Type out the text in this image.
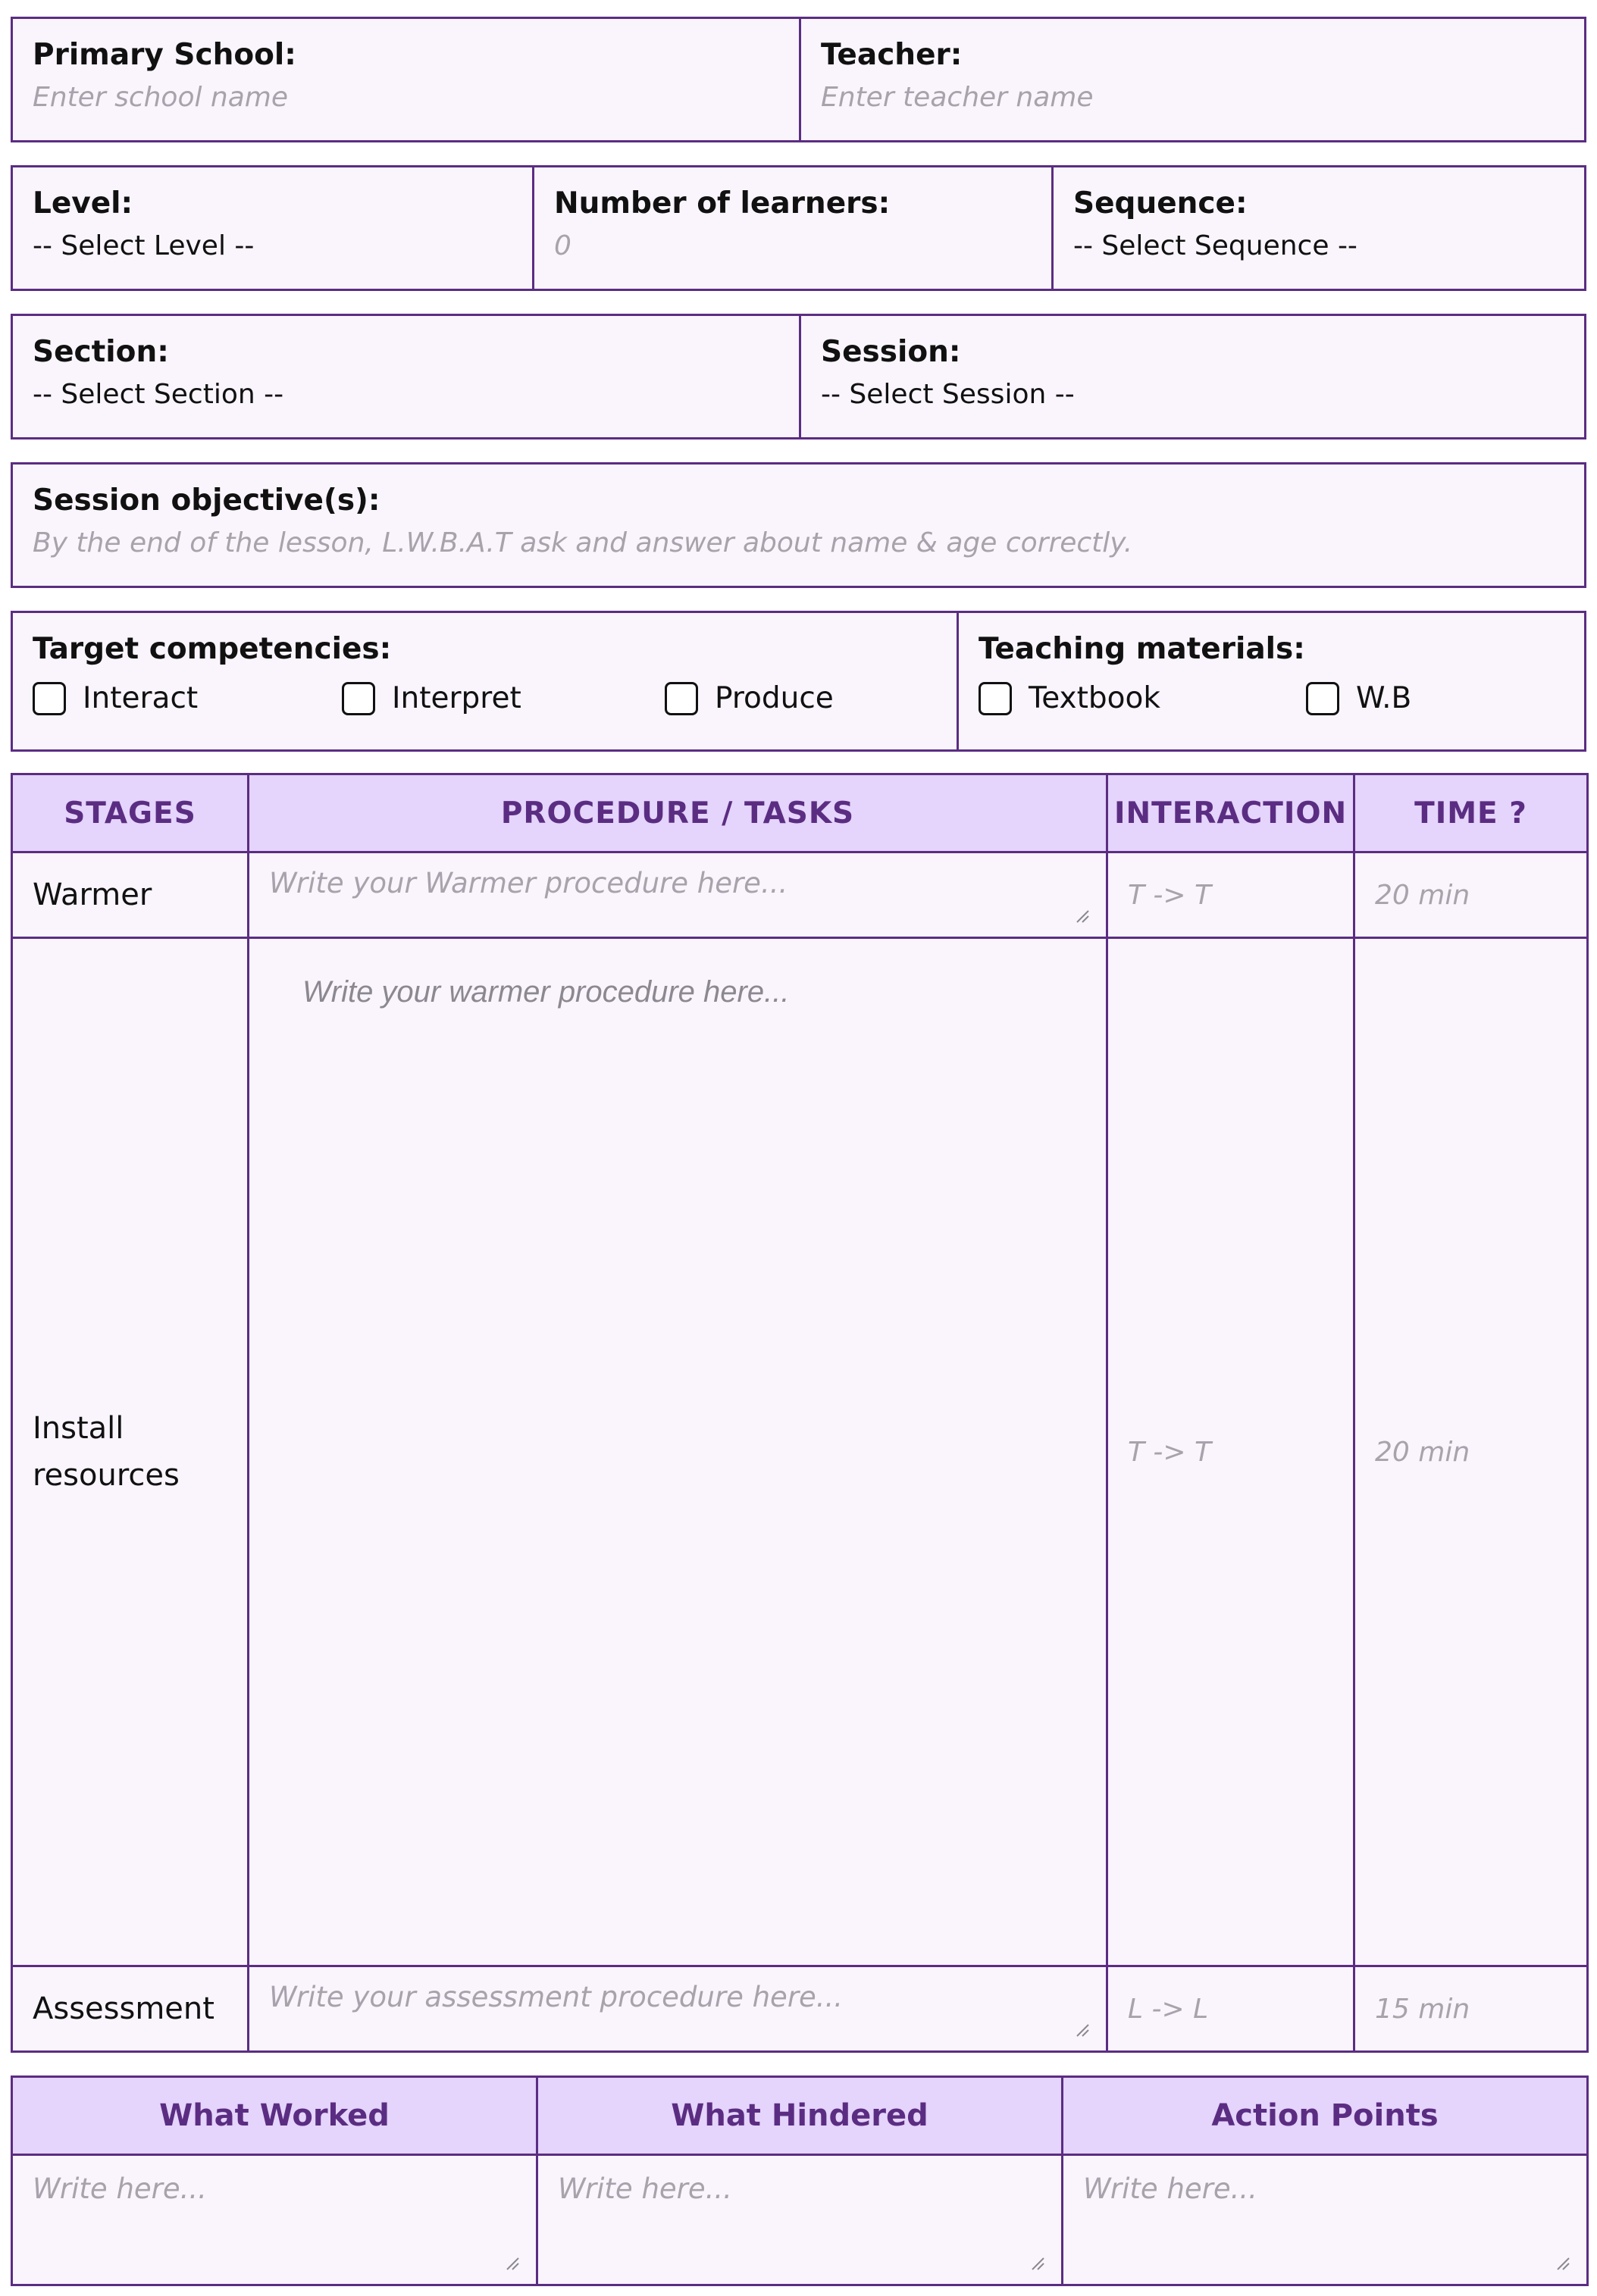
Primary School:
Enter school name
Teacher:
Enter teacher name
Level:
-- Select Level --
Number of learners:
0
Sequence:
-- Select Sequence --
Section:
-- Select Section --
Session:
-- Select Session --
Session objective(s):
By the end of the lesson, L.W.B.A.T ask and answer about name & age correctly.
Target competencies:
Interact	Interpret	Produce
Teaching materials:
Textbook	W.B
STAGES	PROCEDURE / TASKS	INTERACTION	TIME ?
Warmer	Write your Warmer procedure here...	T -> T	20 min

Install resources	Write your warmer procedure here...	T -> T	20 min
Assessment	Write your assessment procedure here...	L -> L	15 min
What Worked	What Hindered	Action Points
Write here...	Write here...	Write here...
